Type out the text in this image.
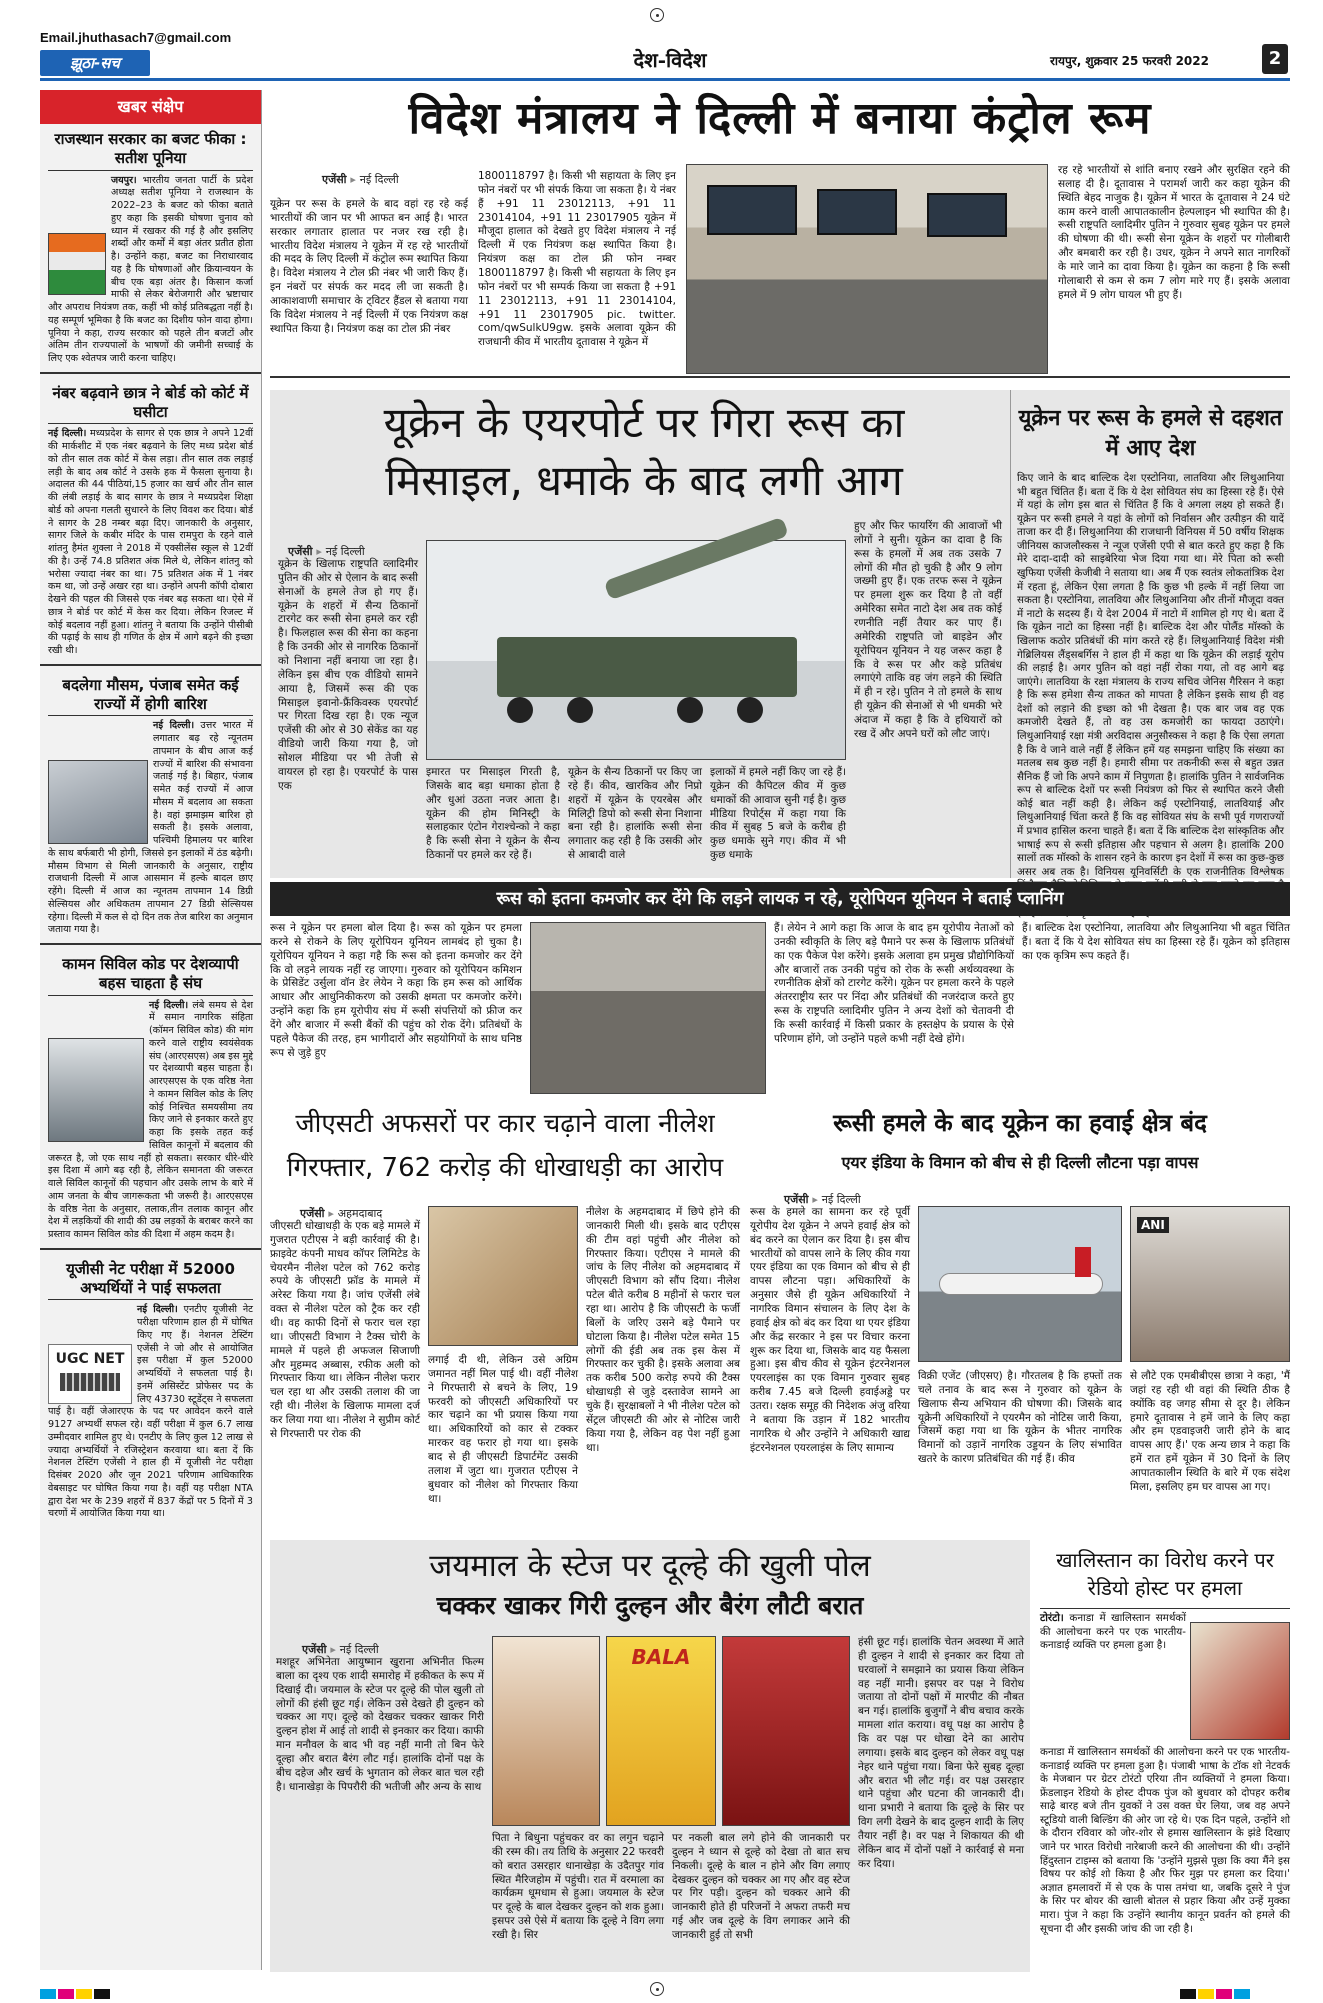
Email.jhuthasach7@gmail.com
झूठा-सच	देश-विदेश	रायपुर, शुक्रवार 25 फरवरी 2022	2
खबर संक्षेप
राजस्थान सरकार का बजट फीका : सतीश पूनिया
जयपुर। भारतीय जनता पार्टी के प्रदेश अध्यक्ष सतीश पूनिया ने राजस्थान के 2022–23 के बजट को फीका बताते हुए कहा कि इसकी घोषणा चुनाव को ध्यान में रखकर की गई है और इसलिए शब्दों और कर्मों में बड़ा अंतर प्रतीत होता है। उन्होंने कहा, बजट का निराधारवाद यह है कि घोषणाओं और क्रियान्वयन के बीच एक बड़ा अंतर है। किसान कर्जा माफी से लेकर बेरोजगारी और भ्रष्टाचार और अपराध नियंत्रण तक, कहीं भी कोई प्रतिबद्धता नहीं है। यह सम्पूर्ण भूमिका है कि बजट का दिशीय फोन वादा होगा। पूनिया ने कहा, राज्य सरकार को पहले तीन बजटों और अंतिम तीन राज्यपालों के भाषणों की जमीनी सच्चाई के लिए एक श्वेतपत्र जारी करना चाहिए।
नंबर बढ़वाने छात्र ने बोर्ड को कोर्ट में घसीटा
नई दिल्ली। मध्यप्रदेश के सागर से एक छात्र ने अपने 12वीं की मार्कशीट में एक नंबर बढ़वाने के लिए मध्य प्रदेश बोर्ड को तीन साल तक कोर्ट में केस लड़ा। तीन साल तक लड़ाई लड़ी के बाद अब कोर्ट ने उसके हक में फैसला सुनाया है। अदालत की 44 पीठियां,15 हजार का खर्च और तीन साल की लंबी लड़ाई के बाद सागर के छात्र ने मध्यप्रदेश शिक्षा बोर्ड को अपना गलती सुधारने के लिए विवश कर दिया। बोर्ड ने सागर के 28 नम्बर बढ़ा दिए। जानकारी के अनुसार, सागर जिले के कबीर मंदिर के पास रामपुरा के रहने वाले शांतनु हैमंत शुक्ला ने 2018 में एक्सीलेंस स्कूल से 12वीं की है। उन्हें 74.8 प्रतिशत अंक मिले थे, लेकिन शांतनु को भरोसा ज्यादा नंबर का था। 75 प्रतिशत अंक में 1 नंबर कम था, जो उन्हें अखर रहा था। उन्होंने अपनी कॉपी दोबारा देखने की पहल की जिससे एक नंबर बढ़ सकता था। ऐसे में छात्र ने बोर्ड पर कोर्ट में केस कर दिया। लेकिन रिजल्ट में कोई बदलाव नहीं हुआ। शांतनु ने बताया कि उन्होंने पीसीबी की पढ़ाई के साथ ही गणित के क्षेत्र में आगे बढ़ने की इच्छा रखी थी।
बदलेगा मौसम, पंजाब समेत कई राज्यों में होगी बारिश
नई दिल्ली। उत्तर भारत में लगातार बढ़ रहे न्यूनतम तापमान के बीच आज कई राज्यों में बारिश की संभावना जताई गई है। बिहार, पंजाब समेत कई राज्यों में आज मौसम में बदलाव आ सकता है। वहां झमाझम बारिश हो सकती है। इसके अलावा, पश्चिमी हिमालय पर बारिश के साथ बर्फबारी भी होगी, जिससे इन इलाकों में ठंड बढ़ेगी। मौसम विभाग से मिली जानकारी के अनुसार, राष्ट्रीय राजधानी दिल्ली में आज आसमान में हल्के बादल छाए रहेंगे। दिल्ली में आज का न्यूनतम तापमान 14 डिग्री सेल्सियस और अधिकतम तापमान 27 डिग्री सेल्सियस रहेगा। दिल्ली में कल से दो दिन तक तेज बारिश का अनुमान जताया गया है।
कामन सिविल कोड पर देशव्यापी बहस चाहता है संघ
नई दिल्ली। लंबे समय से देश में समान नागरिक संहिता (कॉमन सिविल कोड) की मांग करने वाले राष्ट्रीय स्वयंसेवक संघ (आरएसएस) अब इस मुद्दे पर देशव्यापी बहस चाहता है। आरएसएस के एक वरिष्ठ नेता ने कामन सिविल कोड के लिए कोई निश्चित समयसीमा तय किए जाने से इनकार करते हुए कहा कि इसके तहत कई सिविल कानूनों में बदलाव की जरूरत है, जो एक साथ नहीं हो सकता। सरकार धीरे-धीरे इस दिशा में आगे बढ़ रही है, लेकिन समानता की जरूरत वाले सिविल कानूनों की पहचान और उसके लाभ के बारे में आम जनता के बीच जागरूकता भी जरूरी है। आरएसएस के वरिष्ठ नेता के अनुसार, तलाक,तीन तलाक कानून और देश में लड़कियों की शादी की उम्र लड़कों के बराबर करने का प्रस्ताव कामन सिविल कोड की दिशा में अहम कदम है।
यूजीसी नेट परीक्षा में 52000 अभ्यर्थियों ने पाई सफलता
UGC NET
नई दिल्ली। एनटीए यूजीसी नेट परीक्षा परिणाम हाल ही में घोषित किए गए हैं। नेशनल टेस्टिंग एजेंसी ने जो और से आयोजित इस परीक्षा में कुल 52000 अभ्यर्थियों ने सफलता पाई है। इनमें असिस्टेंट प्रोफेसर पद के लिए 43730 स्टूडेंट्स ने सफलता पाई है। वहीं जेआरएफ के पद पर आवेदन करने वाले 9127 अभ्यर्थी सफल रहे। वहीं परीक्षा में कुल 6.7 लाख उम्मीदवार शामिल हुए थे। एनटीए के लिए कुल 12 लाख से ज्यादा अभ्यर्थियों ने रजिस्ट्रेशन करवाया था। बता दें कि नेशनल टेस्टिंग एजेंसी ने हाल ही में यूजीसी नेट परीक्षा दिसंबर 2020 और जून 2021 परिणाम आधिकारिक वेबसाइट पर घोषित किया गया है। वहीं यह परीक्षा NTA द्वारा देश भर के 239 शहरों में 837 केंद्रों पर 5 दिनों में 3 चरणों में आयोजित किया गया था।
विदेश मंत्रालय ने दिल्ली में बनाया कंट्रोल रूम
एजेंसी ▸ नई दिल्ली
यूक्रेन पर रूस के हमले के बाद वहां रह रहे कई भारतीयों की जान पर भी आफत बन आई है। भारत सरकार लगातार हालात पर नजर रख रही है। भारतीय विदेश मंत्रालय ने यूक्रेन में रह रहे भारतीयों की मदद के लिए दिल्ली में कंट्रोल रूम स्थापित किया है। विदेश मंत्रालय ने टोल फ्री नंबर भी जारी किए हैं। इन नंबरों पर संपर्क कर मदद ली जा सकती है। आकाशवाणी समाचार के ट्विटर हैंडल से बताया गया कि विदेश मंत्रालय ने नई दिल्ली में एक नियंत्रण कक्ष स्थापित किया है। नियंत्रण कक्ष का टोल फ्री नंबर
1800118797 है। किसी भी सहायता के लिए इन फोन नंबरों पर भी संपर्क किया जा सकता है। ये नंबर हैं +91 11 23012113, +91 11 23014104, +91 11 23017905 यूक्रेन में मौजूदा हालात को देखते हुए विदेश मंत्रालय ने नई दिल्ली में एक नियंत्रण कक्ष स्थापित किया है। नियंत्रण कक्ष का टोल फ्री फोन नम्बर 1800118797 है। किसी भी सहायता के लिए इन फोन नंबरों पर भी सम्पर्क किया जा सकता है +91 11 23012113, +91 11 23014104, +91 11 23017905 pic. twitter. com/qwSulkU9gw. इसके अलावा यूक्रेन की राजधानी कीव में भारतीय दूतावास ने यूक्रेन में
रह रहे भारतीयों से शांति बनाए रखने और सुरक्षित रहने की सलाह दी है। दूतावास ने परामर्श जारी कर कहा यूक्रेन की स्थिति बेहद नाजुक है। यूक्रेन में भारत के दूतावास ने 24 घंटे काम करने वाली आपातकालीन हेल्पलाइन भी स्थापित की है। रूसी राष्ट्रपति व्लादिमीर पुतिन ने गुरुवार सुबह यूक्रेन पर हमले की घोषणा की थी। रूसी सेना यूक्रेन के शहरों पर गोलीबारी और बमबारी कर रही है। उधर, यूक्रेन ने अपने सात नागरिकों के मारे जाने का दावा किया है। यूक्रेन का कहना है कि रूसी गोलाबारी से कम से कम 7 लोग मारे गए हैं। इसके अलावा हमले में 9 लोग घायल भी हुए हैं।
यूक्रेन के एयरपोर्ट पर गिरा रूस का
मिसाइल, धमाके के बाद लगी आग
एजेंसी ▸ नई दिल्ली
यूक्रेन के खिलाफ राष्ट्रपति व्लादिमीर पुतिन की ओर से ऐलान के बाद रूसी सेनाओं के हमले तेज हो गए हैं। यूक्रेन के शहरों में सैन्य ठिकानों टारगेट कर रूसी सेना हमले कर रही है। फिलहाल रूस की सेना का कहना है कि उनकी ओर से नागरिक ठिकानों को निशाना नहीं बनाया जा रहा है। लेकिन इस बीच एक वीडियो सामने आया है, जिसमें रूस की एक मिसाइल इवानो-फ्रैंकिवस्क एयरपोर्ट पर गिरता दिख रहा है। एक न्यूज एजेंसी की ओर से 30 सेकेंड का यह वीडियो जारी किया गया है, जो सोशल मीडिया पर भी तेजी से वायरल हो रहा है। एयरपोर्ट के पास एक
इमारत पर मिसाइल गिरती है, जिसके बाद बड़ा धमाका होता है और धुआं उठता नजर आता है। यूक्रेन की होम मिनिस्ट्री के सलाहकार एंटोन गेराश्चेन्को ने कहा है कि रूसी सेना ने यूक्रेन के सैन्य ठिकानों पर हमले कर रहे हैं।
यूक्रेन के सैन्य ठिकानों पर किए जा रहे हैं। कीव, खारकिव और निप्रो शहरों में यूक्रेन के एयरबेस और मिलिट्री डिपो को रूसी सेना निशाना बना रही है। हालांकि रूसी सेना लगातार कह रही है कि उसकी ओर से आबादी वाले
इलाकों में हमले नहीं किए जा रहे हैं। यूक्रेन की कैपिटल कीव में कुछ धमाकों की आवाज सुनी गई है। कुछ मीडिया रिपोर्ट्स में कहा गया कि कीव में सुबह 5 बजे के करीब ही कुछ धमाके सुने गए। कीव में भी कुछ धमाके
हुए और फिर फायरिंग की आवाजों भी लोगों ने सुनी। यूक्रेन का दावा है कि रूस के हमलों में अब तक उसके 7 लोगों की मौत हो चुकी है और 9 लोग जख्मी हुए हैं। एक तरफ रूस ने यूक्रेन पर हमला शुरू कर दिया है तो वहीं अमेरिका समेत नाटो देश अब तक कोई रणनीति नहीं तैयार कर पाए हैं। अमेरिकी राष्ट्रपति जो बाइडेन और यूरोपियन यूनियन ने यह जरूर कहा है कि वे रूस पर और कड़े प्रतिबंध लगाएंगे ताकि वह जंग लड़ने की स्थिति में ही न रहे। पुतिन ने तो हमले के साथ ही यूक्रेन की सेनाओं से भी धमकी भरे अंदाज में कहा है कि वे हथियारों को रख दें और अपने घरों को लौट जाएं।
यूक्रेन पर रूस के हमले से दहशत में आए देश
किए जाने के बाद बाल्टिक देश एस्टोनिया, लातविया और लिथुआनिया भी बहुत चिंतित हैं। बता दें कि ये देश सोवियत संघ का हिस्सा रहे हैं। ऐसे में यहां के लोग इस बात से चिंतित हैं कि वे अगला लक्ष्य हो सकते हैं। यूक्रेन पर रूसी हमले ने यहां के लोगों को निर्वासन और उत्पीड़न की यादें ताजा कर दी हैं। लिथुआनिया की राजधानी विनियस में 50 वर्षीय शिक्षक जीनियस काजलौस्कस ने न्यूज एजेंसी एपी से बात करते हुए कहा है कि मेरे दादा-दादी को साइबेरिया भेज दिया गया था। मेरे पिता को रूसी खुफिया एजेंसी केजीबी ने सताया था। अब मैं एक स्वतंत्र लोकतांत्रिक देश में रहता हूं, लेकिन ऐसा लगता है कि कुछ भी हल्के में नहीं लिया जा सकता है। एस्टोनिया, लातविया और लिथुआनिया और तीनों मौजूदा वक्त में नाटो के सदस्य हैं। ये देश 2004 में नाटो में शामिल हो गए थे। बता दें कि यूक्रेन नाटो का हिस्सा नहीं है। बाल्टिक देश और पोलैंड मॉस्को के खिलाफ कठोर प्रतिबंधों की मांग करते रहे हैं। लिथुआनियाई विदेश मंत्री गेब्रिलियस लैंड्सबर्गिस ने हाल ही में कहा था कि यूक्रेन की लड़ाई यूरोप की लड़ाई है। अगर पुतिन को वहां नहीं रोका गया, तो वह आगे बढ़ जाएंगे। लातविया के रक्षा मंत्रालय के राज्य सचिव जेनिस गैरिसन ने कहा है कि रूस हमेशा सैन्य ताकत को मापता है लेकिन इसके साथ ही वह देशों को लड़ाने की इच्छा को भी देखता है। एक बार जब वह एक कमजोरी देखते हैं, तो वह उस कमजोरी का फायदा उठाएंगे। लिथुआनियाई रक्षा मंत्री अरविदास अनुसौस्कस ने कहा है कि ऐसा लगता है कि वे जाने वाले नहीं हैं लेकिन हमें यह समझना चाहिए कि संख्या का मतलब सब कुछ नहीं है। हमारी सीमा पर तकनीकी रूस से बहुत उन्नत सैनिक हैं जो कि अपने काम में निपुणता है। हालांकि पुतिन ने सार्वजनिक रूप से बाल्टिक देशों पर रूसी नियंत्रण को फिर से स्थापित करने जैसी कोई बात नहीं कही है। लेकिन कई एस्टोनियाई, लातवियाई और लिथुआनियाई चिंता करते हैं कि वह सोवियत संघ के सभी पूर्व गणराज्यों में प्रभाव हासिल करना चाहते हैं। बता दें कि बाल्टिक देश सांस्कृतिक और भाषाई रूप से रूसी इतिहास और पहचान से अलग है। हालांकि 200 सालों तक मॉस्को के शासन रहने के कारण इन देशों में रूस का कुछ-कुछ असर अब तक है। विनियस यूनिवर्सिटी के एक राजनीतिक विश्लेषक
रूस को इतना कमजोर कर देंगे कि लड़ने लायक न रहे, यूरोपियन यूनियन ने बताई प्लानिंग
रूस ने यूक्रेन पर हमला बोल दिया है। रूस को यूक्रेन पर हमला करने से रोकने के लिए यूरोपियन यूनियन लामबंद हो चुका है। यूरोपियन यूनियन ने कहा गहै कि रूस को इतना कमजोर कर देंगे कि वो लड़ने लायक नहीं रह जाएगा। गुरुवार को यूरोपियन कमिशन के प्रेसिडेंट उर्सुला वॉन डेर लेयेन ने कहा कि हम रूस को आर्थिक आधार और आधुनिकीकरण को उसकी क्षमता पर कमजोर करेंगे। उन्होंने कहा कि हम यूरोपीय संघ में रूसी संपत्तियों को फ्रीज कर देंगे और बाजार में रूसी बैंकों की पहुंच को रोक देंगे। प्रतिबंधों के पहले पैकेज की तरह, हम भागीदारों और सहयोगियों के साथ घनिष्ठ रूप से जुड़े हुए
हैं। लेयेन ने आगे कहा कि आज के बाद हम यूरोपीय नेताओं को उनकी स्वीकृति के लिए बड़े पैमाने पर रूस के खिलाफ प्रतिबंधों का एक पैकेज पेश करेंगे। इसके अलावा हम प्रमुख प्रौद्योगिकियों और बाजारों तक उनकी पहुंच को रोक के रूसी अर्थव्यवस्था के रणनीतिक क्षेत्रों को टारगेट करेंगे। यूक्रेन पर हमला करने के पहले अंतरराष्ट्रीय स्तर पर निंदा और प्रतिबंधों की नजरंदाज करते हुए रूस के राष्ट्रपति व्लादिमीर पुतिन ने अन्य देशों को चेतावनी दी कि रूसी कार्रवाई में किसी प्रकार के हस्तक्षेप के प्रयास के ऐसे परिणाम होंगे, जो उन्होंने पहले कभी नहीं देखे होंगे।
हैं। बाल्टिक देश एस्टोनिया, लातविया और लिथुआनिया भी बहुत चिंतित हैं। बता दें कि ये देश सोवियत संघ का हिस्सा रहे हैं। यूक्रेन को इतिहास का एक कृत्रिम रूप कहते हैं।
जीएसटी अफसरों पर कार चढ़ाने वाला नीलेश
गिरफ्तार, 762 करोड़ की धोखाधड़ी का आरोप
एजेंसी ▸ अहमदाबाद
जीएसटी धोखाधड़ी के एक बड़े मामले में गुजरात एटीएस ने बड़ी कार्रवाई की है। फ्राइवेट कंपनी माधव कॉपर लिमिटेड के चेयरमैन नीलेश पटेल को 762 करोड़ रुपये के जीएसटी फ्रॉड के मामले में अरेस्ट किया गया है। जांच एजेंसी लंबे वक्त से नीलेश पटेल को ट्रैक कर रही थी। वह काफी दिनों से फरार चल रहा था। जीएसटी विभाग ने टैक्स चोरी के मामले में पहले ही अफजल सिजाणी और मुहम्मद अब्बास, रफीक अली को गिरफ्तार किया था। लेकिन नीलेश फरार चल रहा था और उसकी तलाश की जा रही थी। नीलेश के खिलाफ मामला दर्ज कर लिया गया था। नीलेश ने सुप्रीम कोर्ट से गिरफ्तारी पर रोक की
लगाई दी थी, लेकिन उसे अग्रिम जमानत नहीं मिल पाई थी। वहीं नीलेश ने गिरफ्तारी से बचने के लिए, 19 फरवरी को जीएसटी अधिकारियों पर कार चढ़ाने का भी प्रयास किया गया था। अधिकारियों को कार से टक्कर मारकर वह फरार हो गया था। इसके बाद से ही जीएसटी डिपार्टमेंट उसकी तलाश में जुटा था। गुजरात एटीएस ने बुधवार को नीलेश को गिरफ्तार किया था।
नीलेश के अहमदाबाद में छिपे होने की जानकारी मिली थी। इसके बाद एटीएस की टीम वहां पहुंची और नीलेश को गिरफ्तार किया। एटीएस ने मामले की जांच के लिए नीलेश को अहमदाबाद में जीएसटी विभाग को सौंप दिया। नीलेश पटेल बीते करीब 8 महीनों से फरार चल रहा था। आरोप है कि जीएसटी के फर्जी बिलों के जरिए उसने बड़े पैमाने पर घोटाला किया है। नीलेश पटेल समेत 15 लोगों की ईडी अब तक इस केस में गिरफ्तार कर चुकी है। इसके अलावा अब तक करीब 500 करोड़ रुपये की टैक्स धोखाधड़ी से जुड़े दस्तावेज सामने आ चुके हैं। सुरक्षाबलों ने भी नीलेश पटेल को सेंट्रल जीएसटी की ओर से नोटिस जारी किया गया है, लेकिन वह पेश नहीं हुआ था।
रूसी हमले के बाद यूक्रेन का हवाई क्षेत्र बंद
एयर इंडिया के विमान को बीच से ही दिल्ली लौटना पड़ा वापस
एजेंसी ▸ नई दिल्ली
रूस के हमले का सामना कर रहे पूर्वी यूरोपीय देश यूक्रेन ने अपने हवाई क्षेत्र को बंद करने का ऐलान कर दिया है। इस बीच भारतीयों को वापस लाने के लिए कीव गया एयर इंडिया का एक विमान को बीच से ही वापस लौटना पड़ा। अधिकारियों के अनुसार जैसे ही यूक्रेन अधिकारियों ने नागरिक विमान संचालन के लिए देश के हवाई क्षेत्र को बंद कर दिया था एयर इंडिया और केंद्र सरकार ने इस पर विचार करना शुरू कर दिया था, जिसके बाद यह फैसला हुआ। इस बीच कीव से यूक्रेन इंटरनेशनल एयरलाइंस का एक विमान गुरुवार सुबह करीब 7.45 बजे दिल्ली हवाईअड्डे पर उतरा। रक्षक समूह की निदेशक अंजु वरिया ने बताया कि उड़ान में 182 भारतीय नागरिक थे और उन्होंने ने अधिकारी खाद्य इंटरनेशनल एयरलाइंस के लिए सामान्य
ANI
विक्री एजेंट (जीएसए) है। गौरतलब है कि हफ्तों तक चले तनाव के बाद रूस ने गुरुवार को यूक्रेन के खिलाफ सैन्य अभियान की घोषणा की। जिसके बाद यूक्रेनी अधिकारियों ने एयरमैन को नोटिस जारी किया, जिसमें कहा गया था कि यूक्रेन के भीतर नागरिक विमानों को उड़ानें नागरिक उड्डयन के लिए संभावित खतरे के कारण प्रतिबंधित की गई हैं। कीव
से लौटे एक एमबीबीएस छात्रा ने कहा, 'मैं जहां रह रही थी वहां की स्थिति ठीक है क्योंकि वह जगह सीमा से दूर है। लेकिन हमारे दूतावास ने हमें जाने के लिए कहा और हम एडवाइजरी जारी होने के बाद वापस आए हैं।' एक अन्य छात्र ने कहा कि हमें रात हमें यूक्रेन में 30 दिनों के लिए आपातकालीन स्थिति के बारे में एक संदेश मिला, इसलिए हम घर वापस आ गए।
जयमाल के स्टेज पर दूल्हे की खुली पोल
चक्कर खाकर गिरी दुल्हन और बैरंग लौटी बरात
एजेंसी ▸ नई दिल्ली
मशहूर अभिनेता आयुष्मान खुराना अभिनीत फिल्म बाला का दृश्य एक शादी समारोह में हकीकत के रूप में दिखाई दी। जयमाल के स्टेज पर दूल्हे की पोल खुली तो लोगों की हंसी छूट गई। लेकिन उसे देखते ही दुल्हन को चक्कर आ गए। दूल्हे को देखकर चक्कर खाकर गिरी दुल्हन होश में आई तो शादी से इनकार कर दिया। काफी मान मनौवल के बाद भी वह नहीं मानी तो बिन फेरे दूल्हा और बरात बैरंग लौट गई। हालांकि दोनों पक्ष के बीच दहेज और खर्च के भुगतान को लेकर बात चल रही है। धानाखेड़ा के पिपरौरी की भतीजी और अन्य के साथ
BALA
पिता ने बिधुना पहुंचकर वर का लगुन चढ़ाने की रस्म की। तय तिथि के अनुसार 22 फरवरी को बरात उसरहार धानाखेड़ा के उदैतपुर गांव स्थित मैरिजहोम में पहुंची। रात में वरमाला का कार्यक्रम धूमधाम से हुआ। जयमाल के स्टेज पर दूल्हे के बाल देखकर दुल्हन को शक हुआ। इसपर उसे ऐसे में बताया कि दूल्हे ने विग लगा रखी है। सिर
पर नकली बाल लगे होने की जानकारी पर दुल्हन ने ध्यान से दूल्हे को देखा तो बात सच निकली। दूल्हे के बाल न होने और विग लगाए देखकर दुल्हन को चक्कर आ गए और वह स्टेज पर गिर पड़ी। दुल्हन को चक्कर आने की जानकारी होते ही परिजनों ने अफरा तफरी मच गई और जब दूल्हे के विग लगाकर आने की जानकारी हुई तो सभी
हंसी छूट गई। हालांकि चेतन अवस्था में आते ही दुल्हन ने शादी से इनकार कर दिया तो घरवालों ने समझाने का प्रयास किया लेकिन वह नहीं मानी। इसपर वर पक्ष ने विरोध जताया तो दोनों पक्षों में मारपीट की नौबत बन गई। हालांकि बुजुर्गों ने बीच बचाव करके मामला शांत कराया। वधू पक्ष का आरोप है कि वर पक्ष पर धोखा देने का आरोप लगाया। इसके बाद दुल्हन को लेकर वधू पक्ष नेहर थाने पहुंचा गया। बिना फेरे सुबह दूल्हा और बरात भी लौट गई। वर पक्ष उसरहार थाने पहुंचा और घटना की जानकारी दी। थाना प्रभारी ने बताया कि दूल्हे के सिर पर विग लगी देखने के बाद दुल्हन शादी के लिए तैयार नहीं है। वर पक्ष ने शिकायत की थी लेकिन बाद में दोनों पक्षों ने कार्रवाई से मना कर दिया।
खालिस्तान का विरोध करने पर रेडियो होस्ट पर हमला
टोरंटो। कनाडा में खालिस्तान समर्थकों की आलोचना करने पर एक भारतीय-कनाडाई व्यक्ति पर हमला हुआ है।
कनाडा में खालिस्तान समर्थकों की आलोचना करने पर एक भारतीय-कनाडाई व्यक्ति पर हमला हुआ है। पंजाबी भाषा के टॉक शो नेटवर्क के मेजबान पर ग्रेटर टोरंटो एरिया तीन व्यक्तियों ने हमला किया। फ्रेंडलाइन रेडियो के होस्ट दीपक पुंज को बुधवार को दोपहर करीब साढ़े बारह बजे तीन युवकों ने उस वक्त घेर लिया, जब वह अपने स्टूडियो वाली बिल्डिंग की ओर जा रहे थे। एक दिन पहले, उन्होंने शो के दौरान रविवार को जोर-शोर से हमास खालिस्तान के झंडे दिखाए जाने पर भारत विरोधी नारेबाजी करने की आलोचना की थी। उन्होंने हिंदुस्तान टाइम्स को बताया कि 'उन्होंने मुझसे पूछा कि क्या मैंने इस विषय पर कोई शो किया है और फिर मुझ पर हमला कर दिया।' अज्ञात हमलावरों में से एक के पास तमंचा था, जबकि दूसरे ने पुंज के सिर पर बोयर की खाली बोतल से प्रहार किया और उन्हें मुक्का मारा। पुंज ने कहा कि उन्होंने स्थानीय कानून प्रवर्तन को हमले की सूचना दी और इसकी जांच की जा रही है।
